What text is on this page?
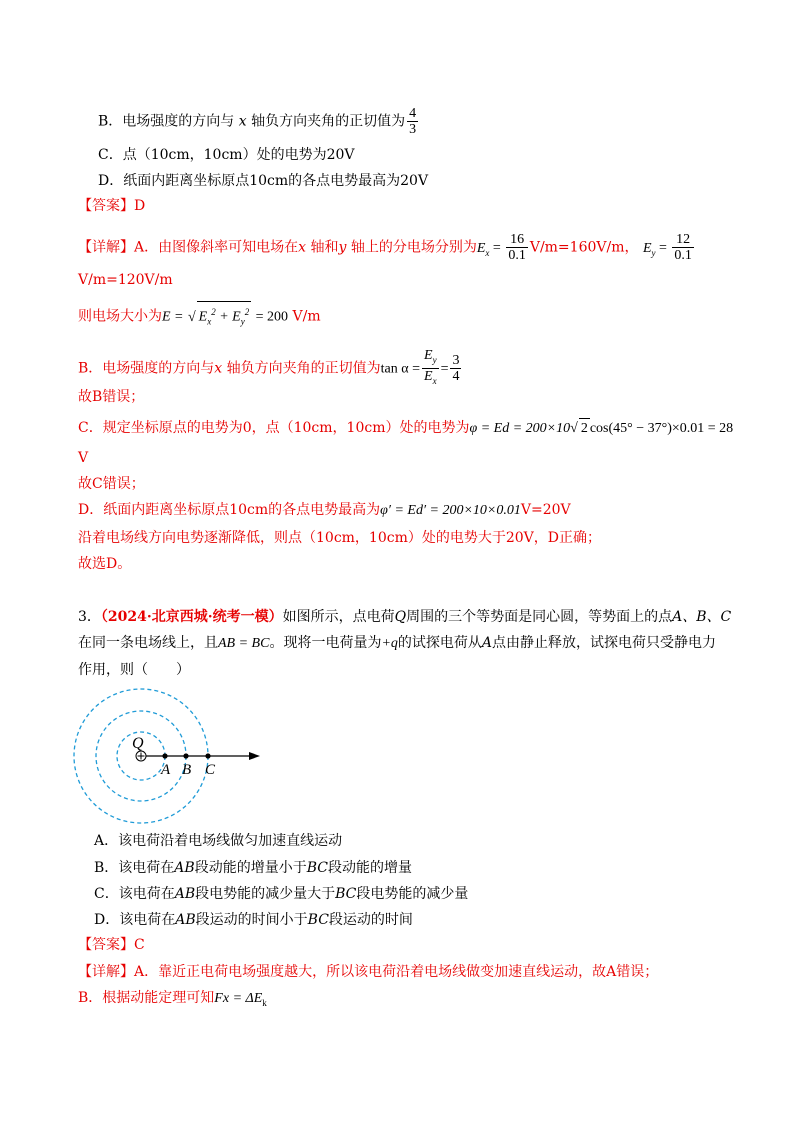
B．电场强度的方向与 x 轴负方向夹角的正切值为 $\frac{4}{3}$
C．点（10cm，10cm）处的电势为20V
D．纸面内距离坐标原点10cm的各点电势最高为20V
【答案】D
【详解】A．由图像斜率可知电场在x 轴和y 轴上的分电场分别为$E_x = \frac{16}{0.1} V/m=160V/m$， $E_y = \frac{12}{0.1}$
V/m=120V/m
则电场大小为E = √ $E_x^2 + E_y^2 = 200$ V/m
B．电场强度的方向与x 轴负方向夹角的正切值为$\tan \alpha = \frac{E_y}{E_x} = \frac{3}{4}$
故B错误；
C．规定坐标原点的电势为0，点（10cm，10cm）处的电势为φ = Ed = 200×10√ 2 cos(45° − 37°)×0.01 = 28
V
故C错误；
D．纸面内距离坐标原点10cm的各点电势最高为φ′ = Ed′ = 200×10×0.01V=20V
沿着电场线方向电势逐渐降低，则点（10cm，10cm）处的电势大于20V，D正确；
故选D。
3．（2024·北京西城·统考一模）如图所示，点电荷Q周围的三个等势面是同心圆，等势面上的点A、B、C
在同一条电场线上，且AB = BC。现将一电荷量为+q的试探电荷从A点由静止释放，试探电荷只受静电力
作用，则（　　）
Q
A B C
A．该电荷沿着电场线做匀加速直线运动
B．该电荷在AB段动能的增量小于BC段动能的增量
C．该电荷在AB段电势能的减少量大于BC段电势能的减少量
D．该电荷在AB段运动的时间小于BC段运动的时间
【答案】C
【详解】A．靠近正电荷电场强度越大，所以该电荷沿着电场线做变加速直线运动，故A错误；
B．根据动能定理可知$Fx = \Delta E_k$
